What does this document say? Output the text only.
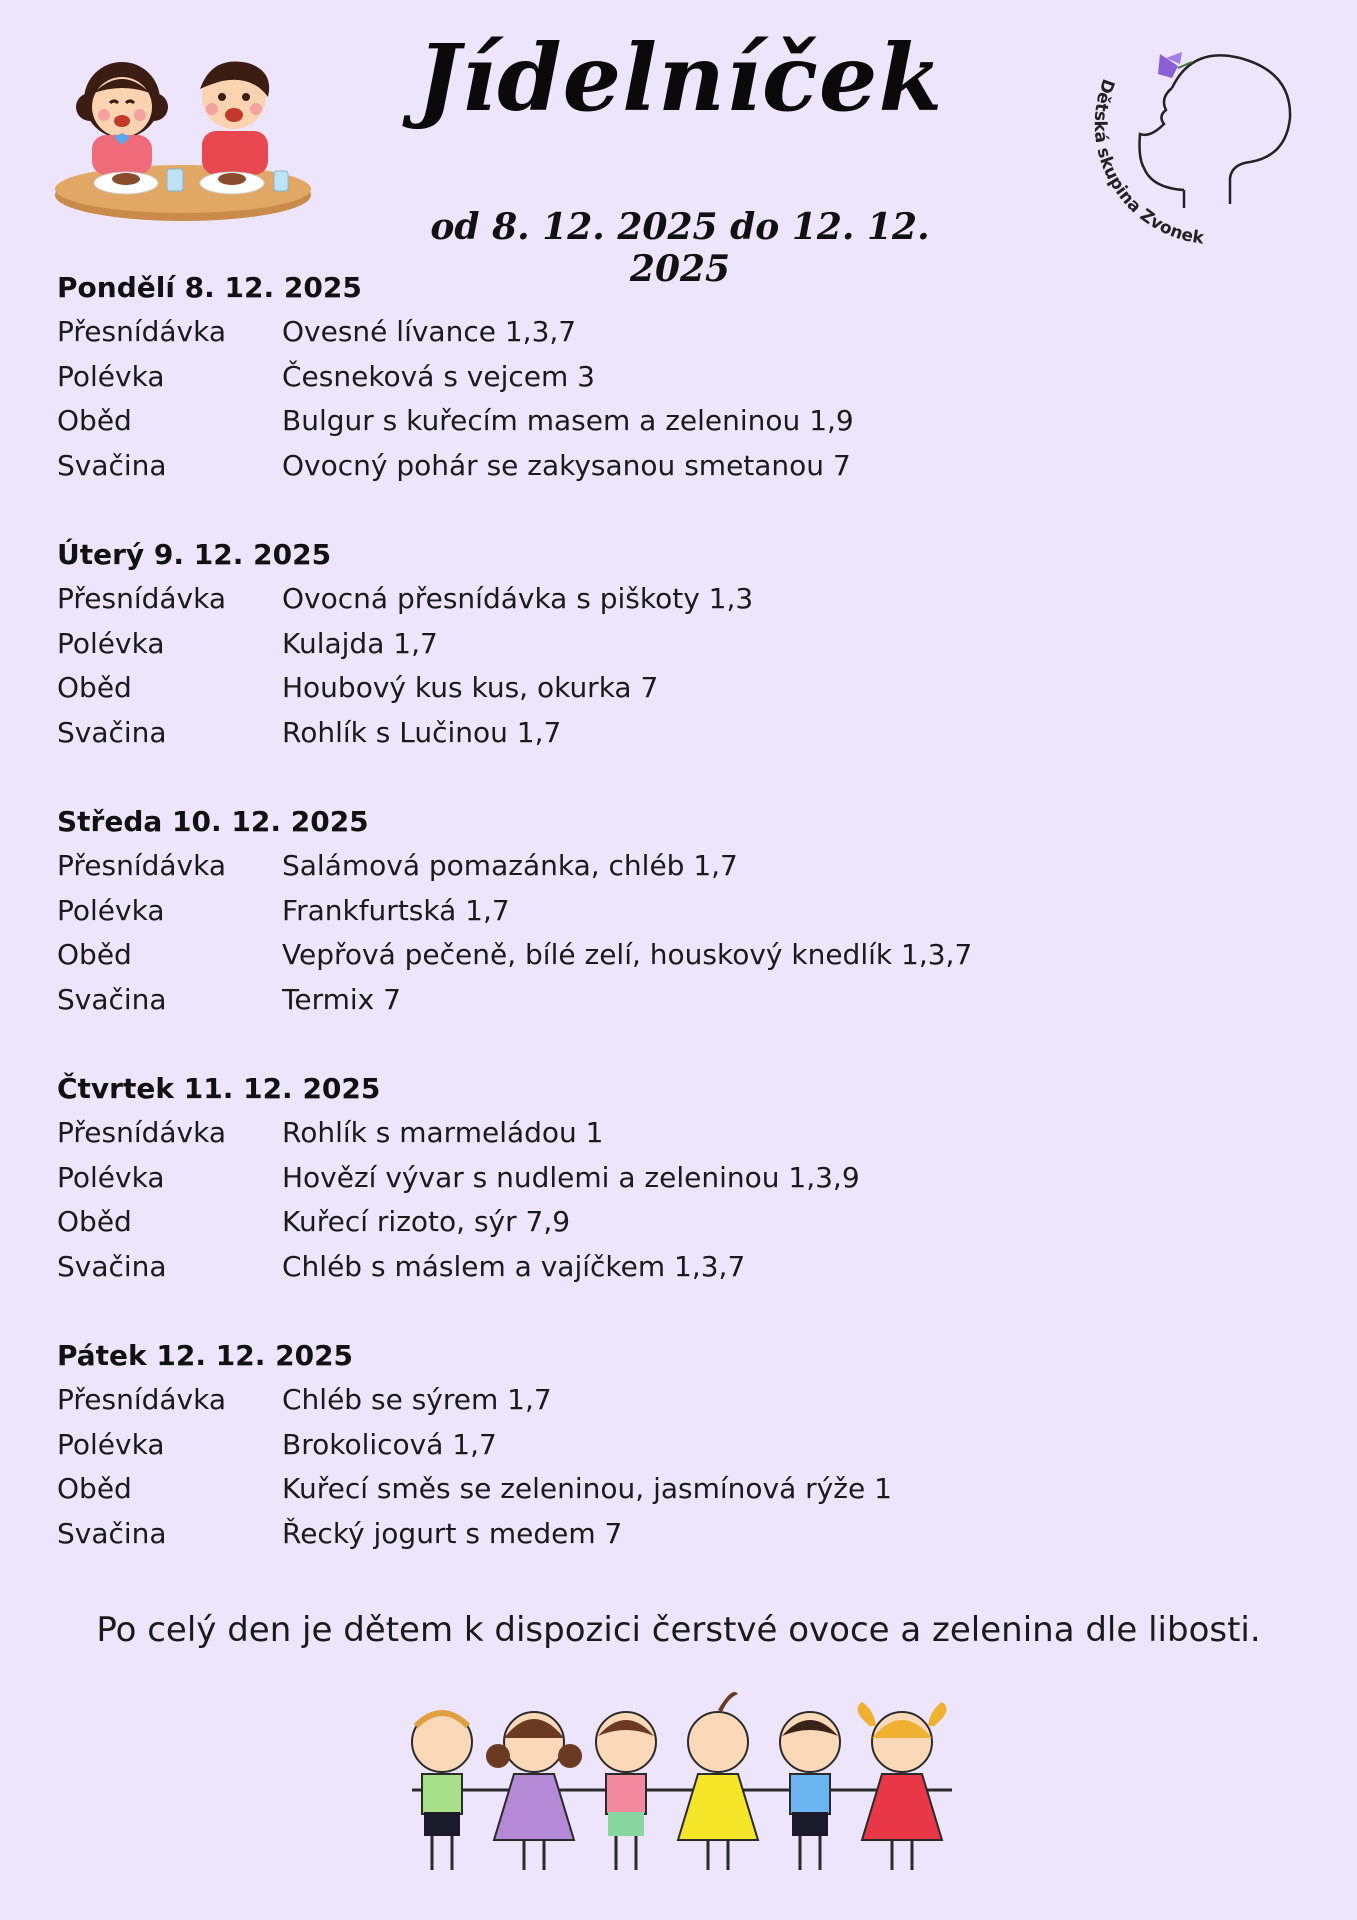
Jídelníček

od 8. 12. 2025 do 12. 12. 2025

Dětská skupina Zvonek
Pondělí 8. 12. 2025
Přesnídávka	Ovesné lívance 1,3,7
Polévka	Česneková s vejcem 3
Oběd	Bulgur s kuřecím masem a zeleninou 1,9
Svačina	Ovocný pohár se zakysanou smetanou 7
Úterý 9. 12. 2025
Přesnídávka	Ovocná přesnídávka s piškoty 1,3
Polévka	Kulajda 1,7
Oběd	Houbový kus kus, okurka 7
Svačina	Rohlík s Lučinou 1,7
Středa 10. 12. 2025
Přesnídávka	Salámová pomazánka, chléb 1,7
Polévka	Frankfurtská 1,7
Oběd	Vepřová pečeně, bílé zelí, houskový knedlík 1,3,7
Svačina	Termix 7
Čtvrtek 11. 12. 2025
Přesnídávka	Rohlík s marmeládou 1
Polévka	Hovězí vývar s nudlemi a zeleninou 1,3,9
Oběd	Kuřecí rizoto, sýr 7,9
Svačina	Chléb s máslem a vajíčkem 1,3,7
Pátek 12. 12. 2025
Přesnídávka	Chléb se sýrem 1,7
Polévka	Brokolicová 1,7
Oběd	Kuřecí směs se zeleninou, jasmínová rýže 1
Svačina	Řecký jogurt s medem 7

Po celý den je dětem k dispozici čerstvé ovoce a zelenina dle libosti.
